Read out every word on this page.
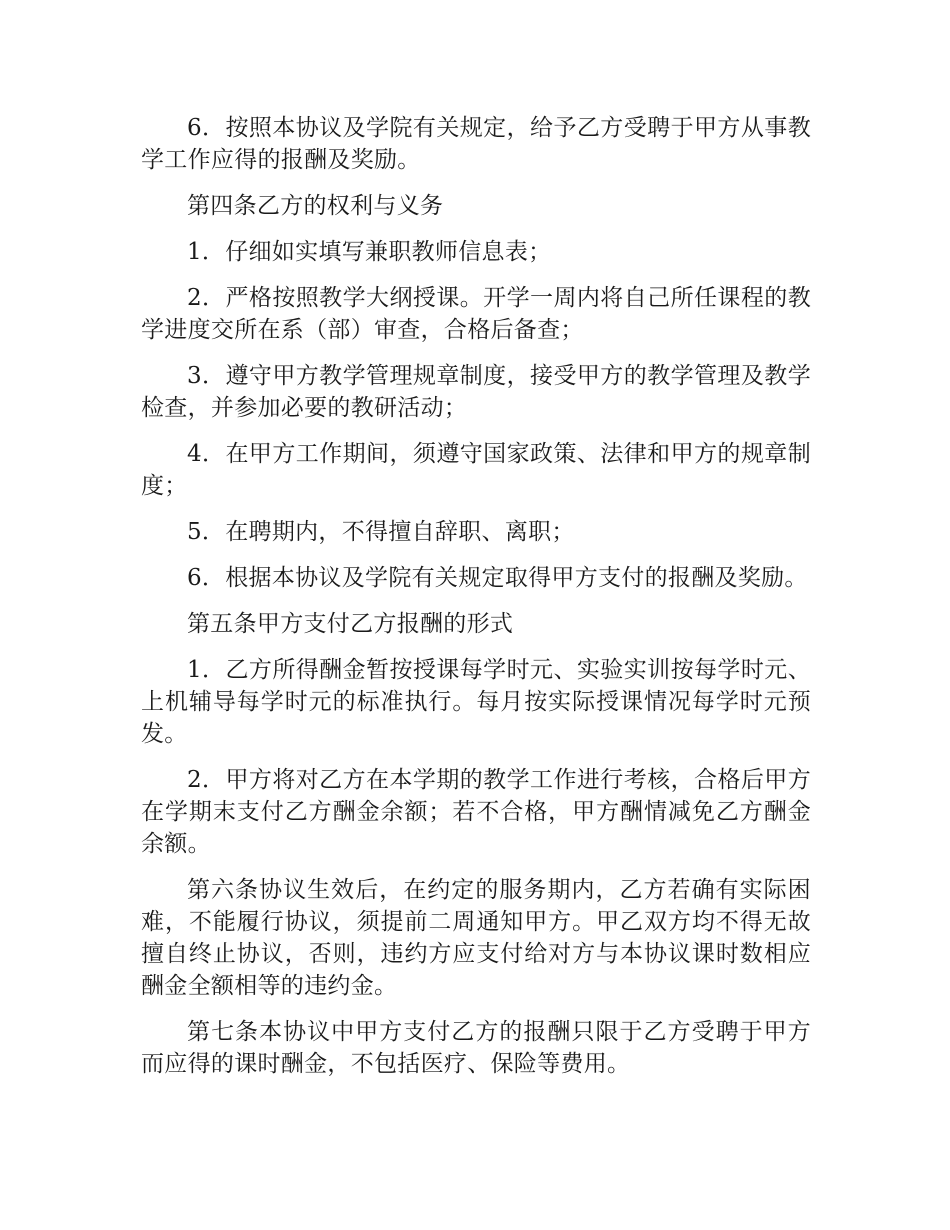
6．按照本协议及学院有关规定，给予乙方受聘于甲方从事教学工作应得的报酬及奖励。

第四条乙方的权利与义务

1．仔细如实填写兼职教师信息表；

2．严格按照教学大纲授课。开学一周内将自己所任课程的教学进度交所在系（部）审查，合格后备查；

3．遵守甲方教学管理规章制度，接受甲方的教学管理及教学检查，并参加必要的教研活动；

4．在甲方工作期间，须遵守国家政策、法律和甲方的规章制度；

5．在聘期内，不得擅自辞职、离职；

6．根据本协议及学院有关规定取得甲方支付的报酬及奖励。

第五条甲方支付乙方报酬的形式

1．乙方所得酬金暂按授课每学时元、实验实训按每学时元、上机辅导每学时元的标准执行。每月按实际授课情况每学时元预发。

2．甲方将对乙方在本学期的教学工作进行考核，合格后甲方在学期末支付乙方酬金余额；若不合格，甲方酬情减免乙方酬金余额。

第六条协议生效后，在约定的服务期内，乙方若确有实际困难，不能履行协议，须提前二周通知甲方。甲乙双方均不得无故擅自终止协议，否则，违约方应支付给对方与本协议课时数相应酬金全额相等的违约金。

第七条本协议中甲方支付乙方的报酬只限于乙方受聘于甲方而应得的课时酬金，不包括医疗、保险等费用。
